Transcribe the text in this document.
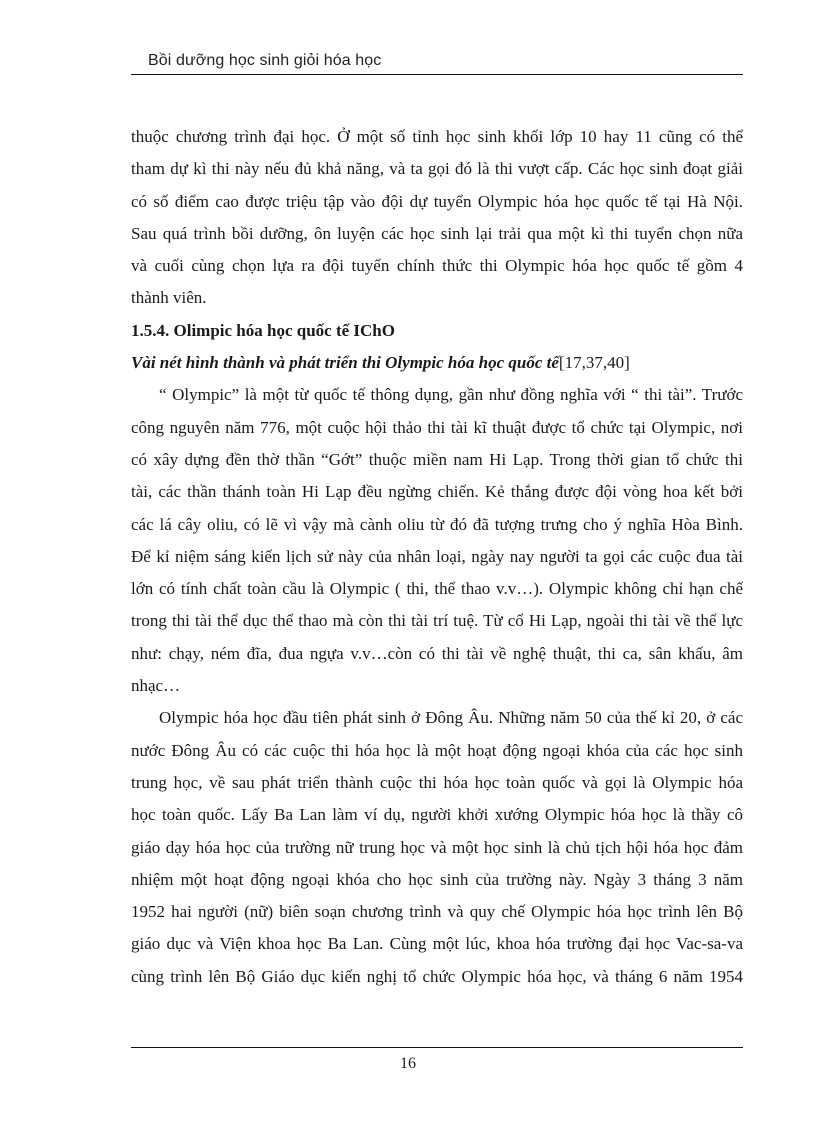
Bồi dưỡng học sinh giỏi hóa học
thuộc chương trình đại học. Ở một số tỉnh học sinh khối lớp 10 hay 11 cũng có thể
tham dự kì thi này nếu đủ khả năng, và ta gọi đó là thi vượt cấp. Các học sinh đoạt giải
có số điểm cao được triệu tập vào đội dự tuyển Olympic hóa học quốc tế tại Hà Nội.
Sau quá trình bồi dưỡng, ôn luyện các học sinh lại trải qua một kì thi tuyển chọn nữa
và cuối cùng chọn lựa ra đội tuyển chính thức thi Olympic hóa học quốc tế gồm 4
thành viên.
1.5.4. Olimpic hóa học quốc tế IChO
Vài nét hình thành và phát triển thi Olympic hóa học quốc tế[17,37,40]
“ Olympic” là một từ quốc tế thông dụng, gần như đồng nghĩa với “ thi tài”. Trước
công nguyên năm 776, một cuộc hội thảo thi tài kĩ thuật được tổ chức tại Olympic, nơi
có xây dựng đền thờ thần “Gớt” thuộc miền nam Hi Lạp. Trong thời gian tổ chức thi
tài, các thần thánh toàn Hi Lạp đều ngừng chiến. Kẻ thắng được đội vòng hoa kết bởi
các lá cây oliu, có lẽ vì vậy mà cành oliu từ đó đã tượng trưng cho ý nghĩa Hòa Bình.
Để kỉ niệm sáng kiến lịch sử này của nhân loại, ngày nay người ta gọi các cuộc đua tài
lớn có tính chất toàn cầu là Olympic ( thi, thể thao v.v…). Olympic không chỉ hạn chế
trong thi tài thể dục thể thao mà còn thi tài trí tuệ. Từ cổ Hi Lạp, ngoài thi tài về thể lực
như: chạy, ném đĩa, đua ngựa v.v…còn có thi tài về nghệ thuật, thi ca, sân khấu, âm
nhạc…
Olympic hóa học đầu tiên phát sinh ở Đông Âu. Những năm 50 của thế kỉ 20, ở các
nước Đông Âu có các cuộc thi hóa học là một hoạt động ngoại khóa của các học sinh
trung học, về sau phát triển thành cuộc thi hóa học toàn quốc và gọi là Olympic hóa
học toàn quốc. Lấy Ba Lan làm ví dụ, người khởi xướng Olympic hóa học là thầy cô
giáo dạy hóa học của trường nữ trung học và một học sinh là chủ tịch hội hóa học đảm
nhiệm một hoạt động ngoại khóa cho học sinh của trường này. Ngày 3 tháng 3 năm
1952 hai người (nữ) biên soạn chương trình và quy chế Olympic hóa học trình lên Bộ
giáo dục và Viện khoa học Ba Lan. Cùng một lúc, khoa hóa trường đại học Vac-sa-va
cùng trình lên Bộ Giáo dục kiến nghị tổ chức Olympic hóa học, và tháng 6 năm 1954
16
